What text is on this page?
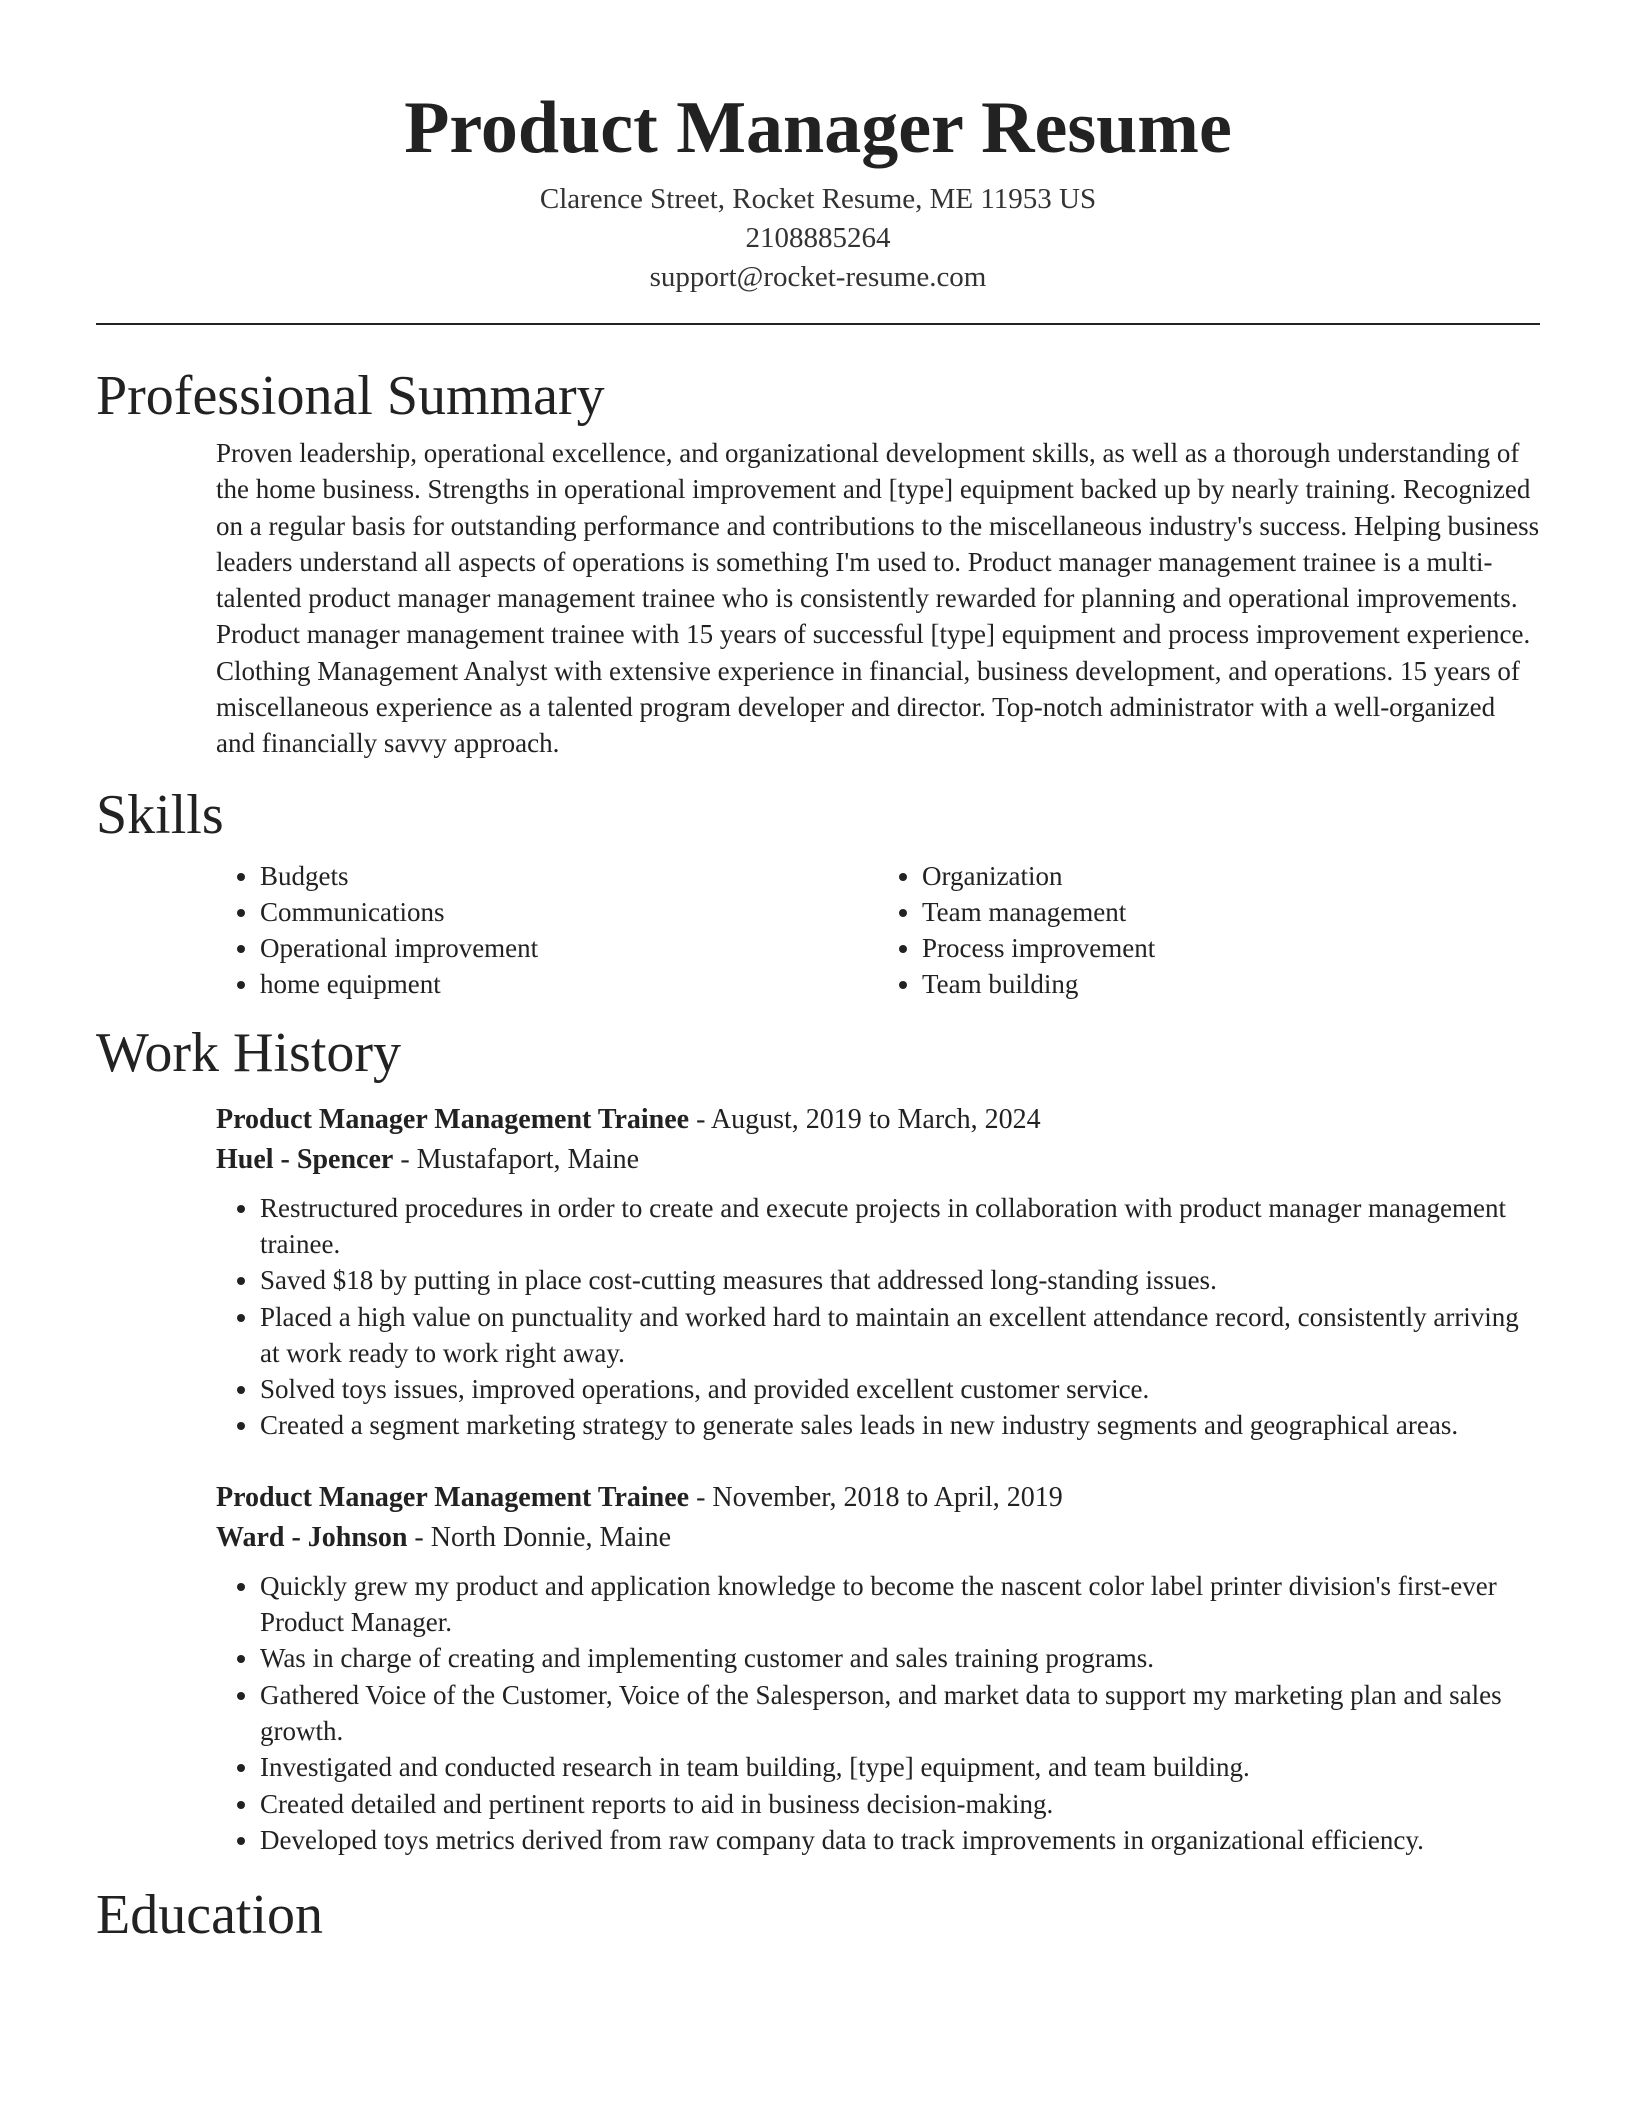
Product Manager Resume
Clarence Street, Rocket Resume, ME 11953 US
2108885264
support@rocket-resume.com
Professional Summary
Proven leadership, operational excellence, and organizational development skills, as well as a thorough understanding of the home business. Strengths in operational improvement and [type] equipment backed up by nearly training. Recognized on a regular basis for outstanding performance and contributions to the miscellaneous industry's success. Helping business leaders understand all aspects of operations is something I'm used to. Product manager management trainee is a multi-talented product manager management trainee who is consistently rewarded for planning and operational improvements. Product manager management trainee with 15 years of successful [type] equipment and process improvement experience. Clothing Management Analyst with extensive experience in financial, business development, and operations. 15 years of miscellaneous experience as a talented program developer and director. Top-notch administrator with a well-organized and financially savvy approach.
Skills
• Budgets
• Communications
• Operational improvement
• home equipment
• Organization
• Team management
• Process improvement
• Team building
Work History
Product Manager Management Trainee - August, 2019 to March, 2024
Huel - Spencer - Mustafaport, Maine
• Restructured procedures in order to create and execute projects in collaboration with product manager management trainee.
• Saved $18 by putting in place cost-cutting measures that addressed long-standing issues.
• Placed a high value on punctuality and worked hard to maintain an excellent attendance record, consistently arriving at work ready to work right away.
• Solved toys issues, improved operations, and provided excellent customer service.
• Created a segment marketing strategy to generate sales leads in new industry segments and geographical areas.
Product Manager Management Trainee - November, 2018 to April, 2019
Ward - Johnson - North Donnie, Maine
• Quickly grew my product and application knowledge to become the nascent color label printer division's first-ever Product Manager.
• Was in charge of creating and implementing customer and sales training programs.
• Gathered Voice of the Customer, Voice of the Salesperson, and market data to support my marketing plan and sales growth.
• Investigated and conducted research in team building, [type] equipment, and team building.
• Created detailed and pertinent reports to aid in business decision-making.
• Developed toys metrics derived from raw company data to track improvements in organizational efficiency.
Education
